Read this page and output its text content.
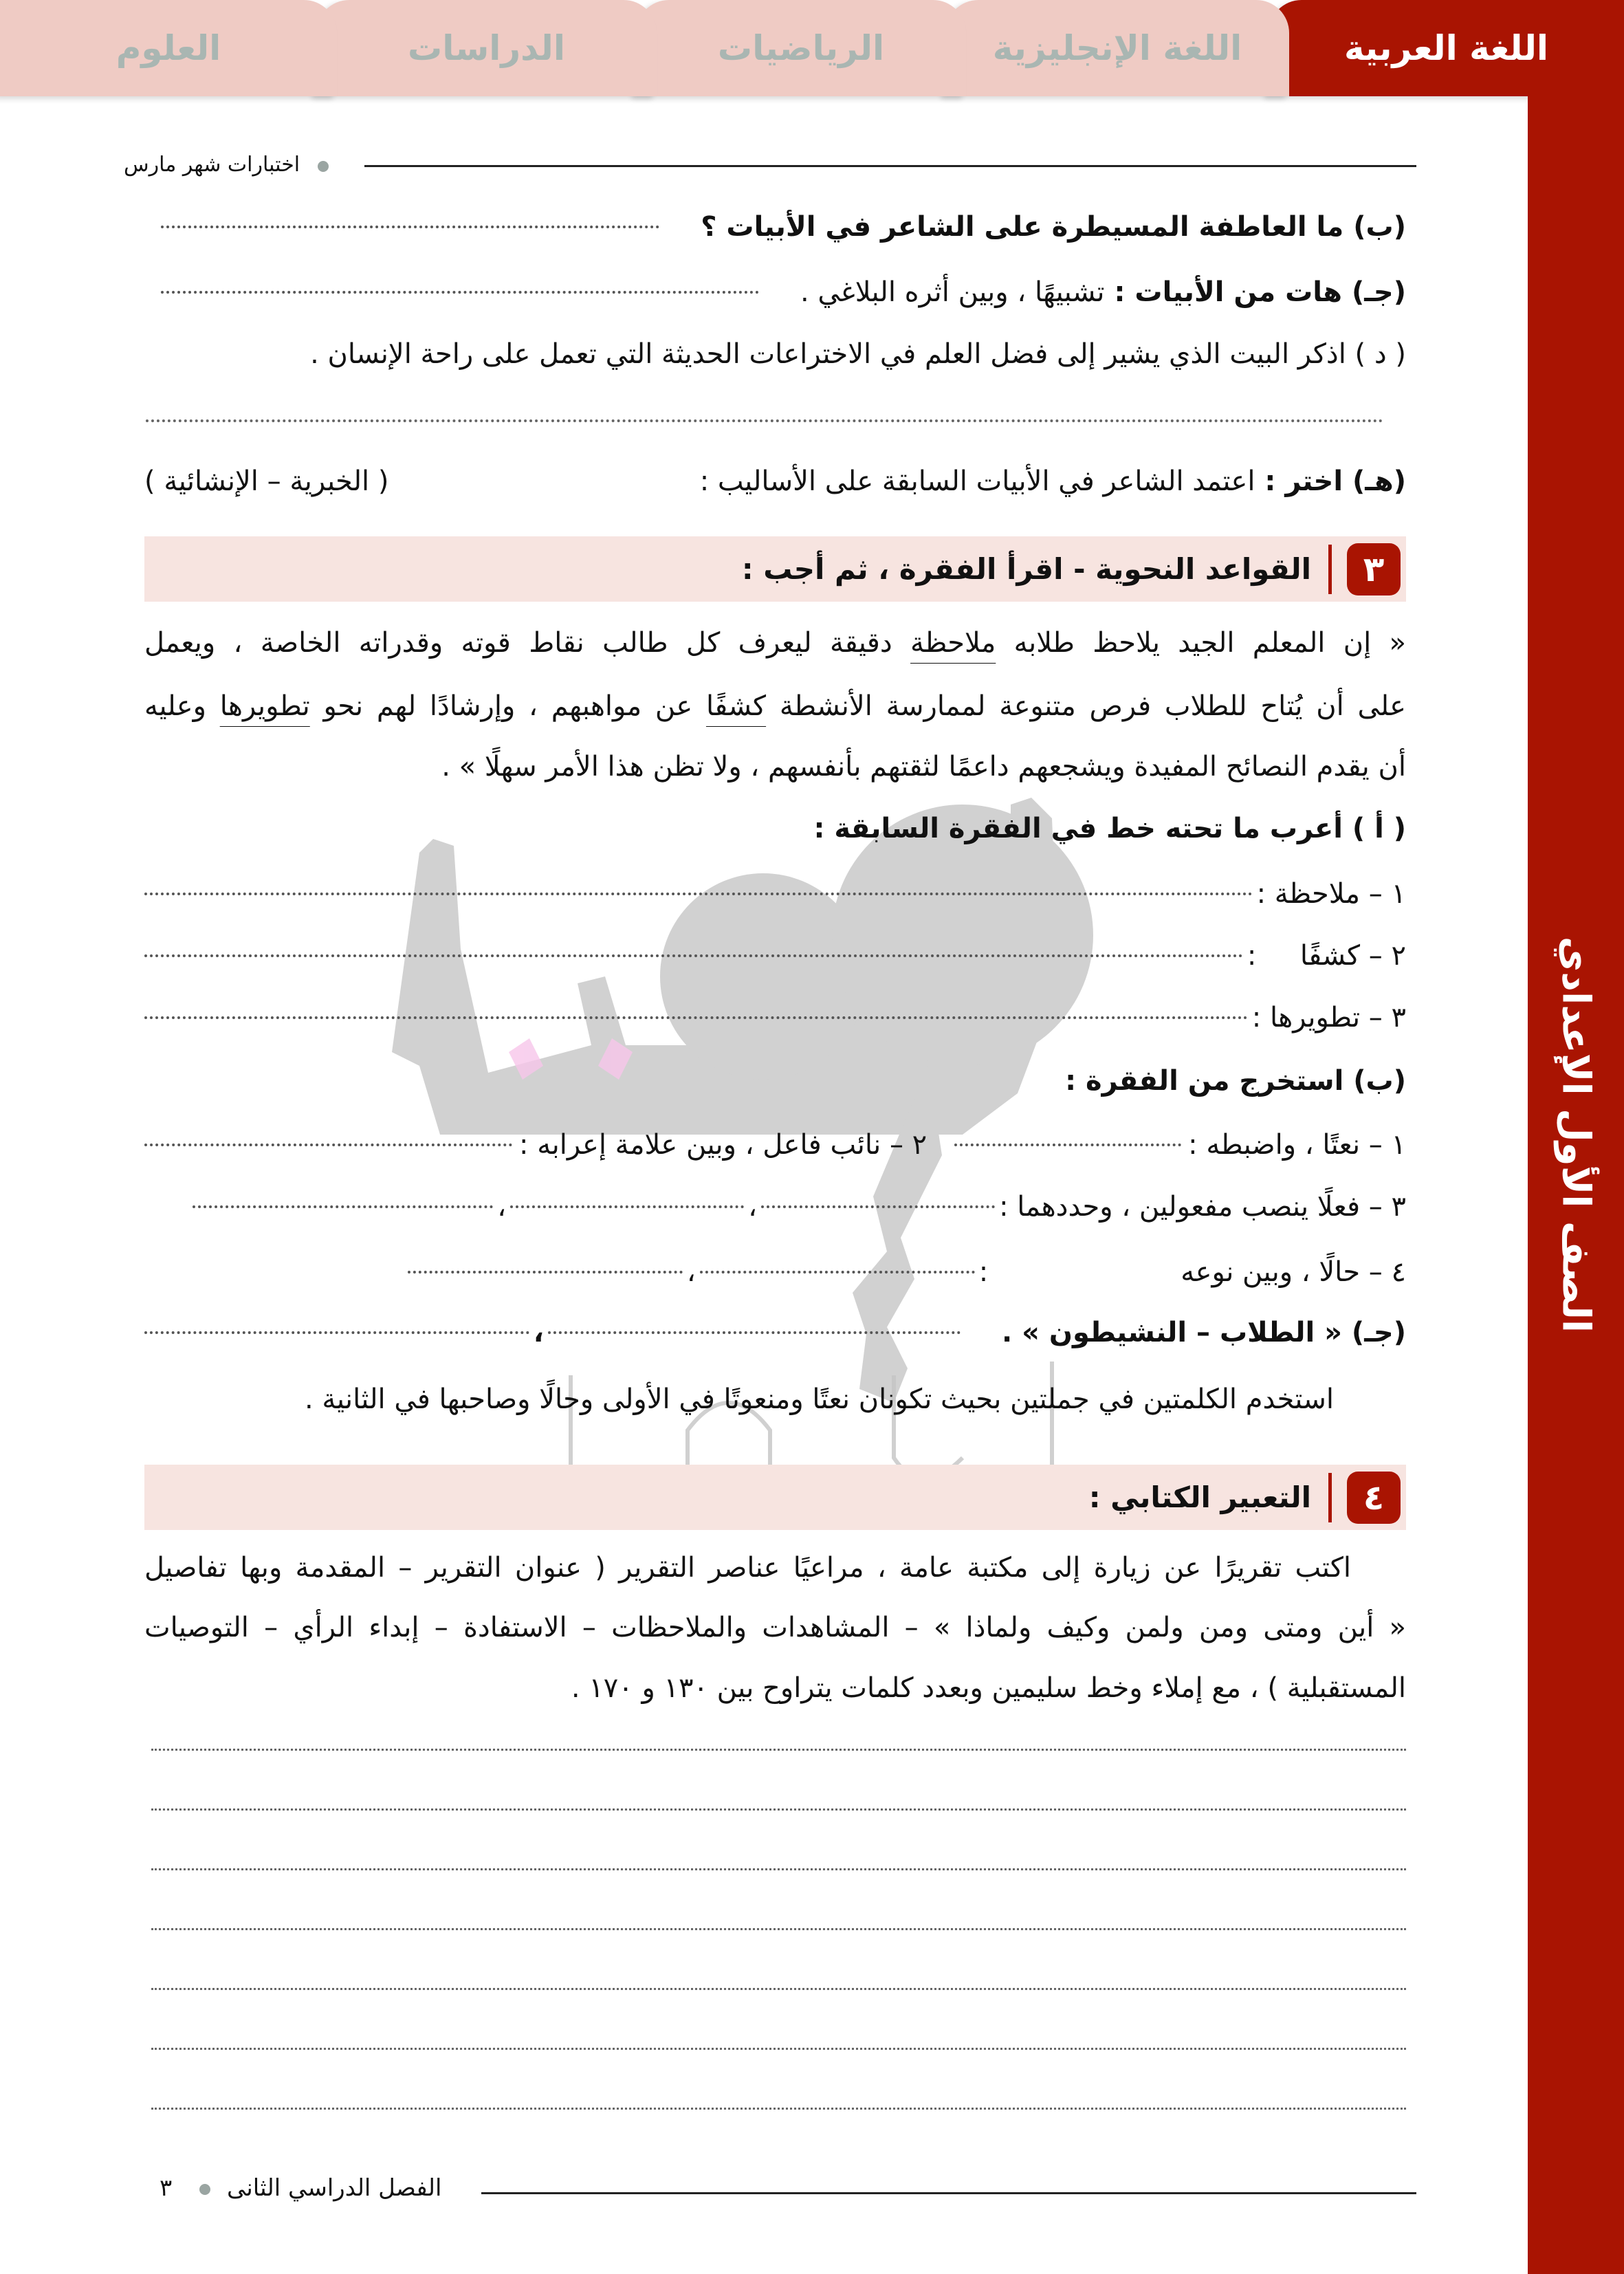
اللغة العربية
اللغة الإنجليزية
الرياضيات
الدراسات
العلوم
الصف الأول الإعدادي
اختبارات شهر مارس
(ب) ما العاطفة المسيطرة على الشاعر في الأبيات ؟
(جـ) هات من الأبيات :

تشبيهًا ، وبين أثره البلاغي .
( د ) اذكر البيت الذي يشير إلى فضل العلم في الاختراعات الحديثة التي تعمل على راحة الإنسان .
(هـ) اختر :

اعتمد الشاعر في الأبيات السابقة على الأساليب :
( الخبرية – الإنشائية )
٣
القواعد النحوية - اقرأ الفقرة ، ثم أجب :
« إن المعلم الجيد يلاحظ طلابه ملاحظة دقيقة ليعرف كل طالب نقاط قوته وقدراته الخاصة ، ويعمل
على أن يُتاح للطلاب فرص متنوعة لممارسة الأنشطة كشفًا عن مواهبهم ، وإرشادًا لهم نحو تطويرها وعليه
أن يقدم النصائح المفيدة ويشجعهم داعمًا لثقتهم بأنفسهم ، ولا تظن هذا الأمر سهلًا » .
( أ ) أعرب ما تحته خط في الفقرة السابقة :
١ – ملاحظة :
٢ – كشفًا     :
٣ – تطويرها :
(ب) استخرج من الفقرة :
١ – نعتًا ، واضبطه :
٢ – نائب فاعل ، وبين علامة إعرابه :
٣ – فعلًا ينصب مفعولين ، وحددهما :
،
،
٤ – حالًا ، وبين نوعه
:
،
(جـ) « الطلاب – النشيطون » .
،
استخدم الكلمتين في جملتين بحيث تكونان نعتًا ومنعوتًا في الأولى وحالًا وصاحبها في الثانية .
٤
التعبير الكتابي :
اكتب تقريرًا عن زيارة إلى مكتبة عامة ، مراعيًا عناصر التقرير ( عنوان التقرير – المقدمة وبها تفاصيل
« أين ومتى ومن ولمن وكيف ولماذا » – المشاهدات والملاحظات – الاستفادة – إبداء الرأي – التوصيات
المستقبلية ) ، مع إملاء وخط سليمين وبعدد كلمات يتراوح بين ١٣٠ و ١٧٠ .
الفصل الدراسي الثانى
٣
